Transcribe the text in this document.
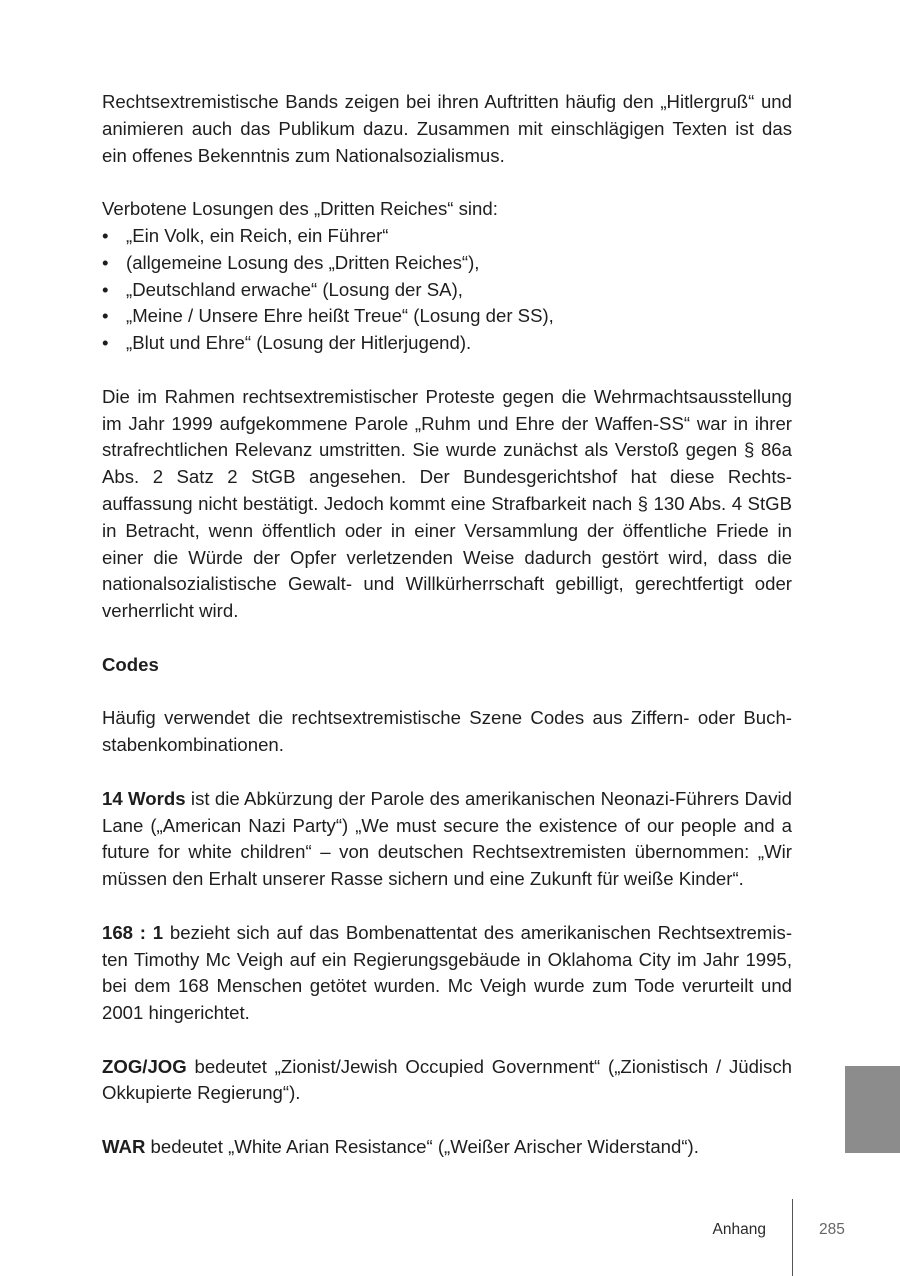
Rechtsextremistische Bands zeigen bei ihren Auftritten häufig den „Hitlergruß“ und animieren auch das Publikum dazu. Zusammen mit einschlägigen Texten ist das ein offenes Bekenntnis zum Nationalsozialismus.

Verbotene Losungen des „Dritten Reiches“ sind:

• „Ein Volk, ein Reich, ein Führer“
• (allgemeine Losung des „Dritten Reiches“),
• „Deutschland erwache“ (Losung der SA),
• „Meine / Unsere Ehre heißt Treue“ (Losung der SS),
• „Blut und Ehre“ (Losung der Hitlerjugend).

Die im Rahmen rechtsextremistischer Proteste gegen die Wehrmachtsausstellung im Jahr 1999 aufgekommene Parole „Ruhm und Ehre der Waffen-SS“ war in ihrer strafrechtlichen Relevanz umstritten. Sie wurde zunächst als Verstoß gegen § 86a Abs. 2 Satz 2 StGB angesehen. Der Bundesgerichtshof hat diese Rechtsauffassung nicht bestätigt. Jedoch kommt eine Strafbarkeit nach § 130 Abs. 4 StGB in Betracht, wenn öffentlich oder in einer Versammlung der öffentliche Friede in einer die Würde der Opfer verletzenden Weise dadurch gestört wird, dass die nationalsozialistische Gewalt- und Willkürherrschaft gebilligt, gerechtfertigt oder verherrlicht wird.

Codes

Häufig verwendet die rechtsextremistische Szene Codes aus Ziffern- oder Buchstabenkombinationen.

14 Words ist die Abkürzung der Parole des amerikanischen Neonazi-Führers David Lane („American Nazi Party“) „We must secure the existence of our people and a future for white children“ – von deutschen Rechtsextremisten übernommen: „Wir müssen den Erhalt unserer Rasse sichern und eine Zukunft für weiße Kinder“.

168 : 1 bezieht sich auf das Bombenattentat des amerikanischen Rechtsextremisten Timothy Mc Veigh auf ein Regierungsgebäude in Oklahoma City im Jahr 1995, bei dem 168 Menschen getötet wurden. Mc Veigh wurde zum Tode verurteilt und 2001 hingerichtet.

ZOG/JOG bedeutet „Zionist/Jewish Occupied Government“ („Zionistisch / Jüdisch Okkupierte Regierung“).

WAR bedeutet „White Arian Resistance“ („Weißer Arischer Widerstand“).

Anhang	285
